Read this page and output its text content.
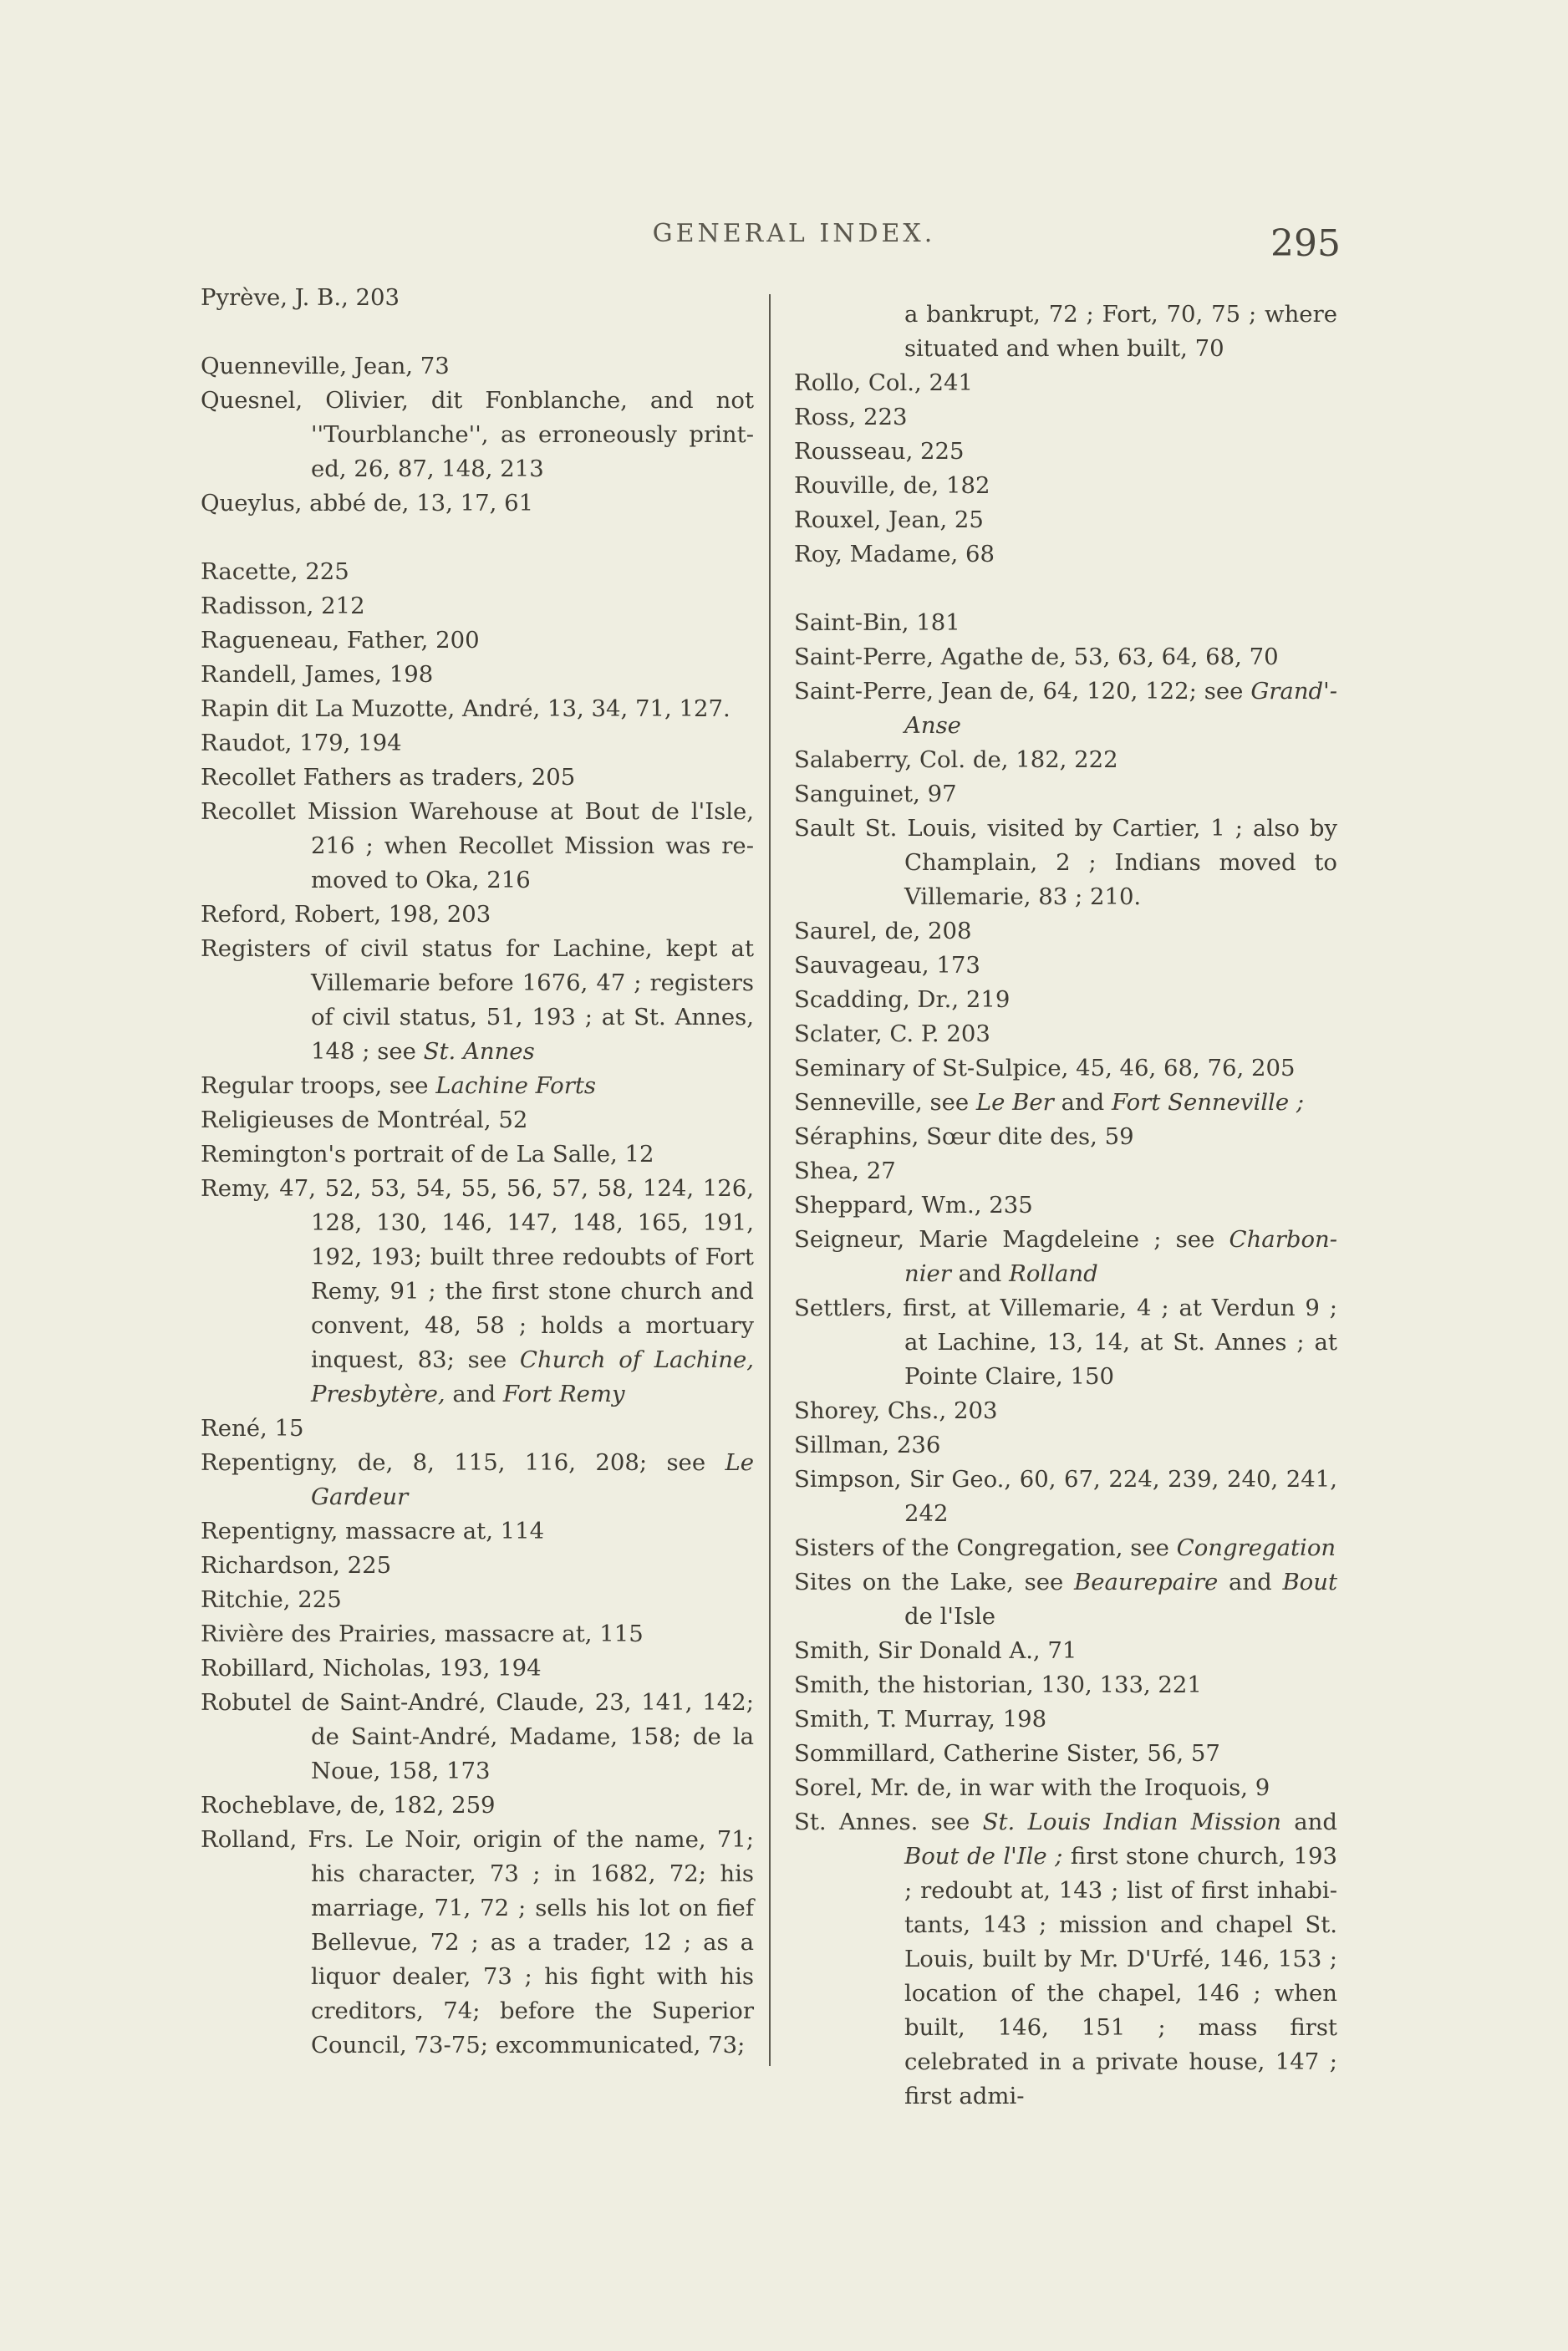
GENERAL INDEX.	295
Pyrève, J. B., 203
Quenneville, Jean, 73
Quesnel, Olivier, dit Fonblanche, and not ''Tourblanche'', as erroneously print- ed, 26, 87, 148, 213
Queylus, abbé de, 13, 17, 61
Racette, 225
Radisson, 212
Ragueneau, Father, 200
Randell, James, 198
Rapin dit La Muzotte, André, 13, 34, 71, 127.
Raudot, 179, 194
Recollet Fathers as traders, 205
Recollet Mission Warehouse at Bout de l'Isle, 216 ; when Recollet Mission was re- moved to Oka, 216
Reford, Robert, 198, 203
Registers of civil status for Lachine, kept at Villemarie before 1676, 47 ; registers of civil status, 51, 193 ; at St. Annes, 148 ; see St. Annes
Regular troops, see Lachine Forts
Religieuses de Montréal, 52
Remington's portrait of de La Salle, 12
Remy, 47, 52, 53, 54, 55, 56, 57, 58, 124, 126, 128, 130, 146, 147, 148, 165, 191, 192, 193; built three redoubts of Fort Remy, 91 ; the first stone church and convent, 48, 58 ; holds a mortuary inquest, 83; see Church of Lachine, Presbytère, and Fort Remy
René, 15
Repentigny, de, 8, 115, 116, 208; see Le Gardeur
Repentigny, massacre at, 114
Richardson, 225
Ritchie, 225
Rivière des Prairies, massacre at, 115
Robillard, Nicholas, 193, 194
Robutel de Saint-André, Claude, 23, 141, 142; de Saint-André, Madame, 158; de la Noue, 158, 173
Rocheblave, de, 182, 259
Rolland, Frs. Le Noir, origin of the name, 71; his character, 73 ; in 1682, 72; his marriage, 71, 72 ; sells his lot on fief Bellevue, 72 ; as a trader, 12 ; as a liquor dealer, 73 ; his fight with his creditors, 74; before the Superior Council, 73-75; excommunicated, 73;
a bankrupt, 72 ; Fort, 70, 75 ; where situated and when built, 70
Rollo, Col., 241
Ross, 223
Rousseau, 225
Rouville, de, 182
Rouxel, Jean, 25
Roy, Madame, 68
Saint-Bin, 181
Saint-Perre, Agathe de, 53, 63, 64, 68, 70
Saint-Perre, Jean de, 64, 120, 122; see Grand'- Anse
Salaberry, Col. de, 182, 222
Sanguinet, 97
Sault St. Louis, visited by Cartier, 1 ; also by Champlain, 2 ; Indians moved to Villemarie, 83 ; 210.
Saurel, de, 208
Sauvageau, 173
Scadding, Dr., 219
Sclater, C. P. 203
Seminary of St-Sulpice, 45, 46, 68, 76, 205
Senneville, see Le Ber and Fort Senneville ;
Séraphins, Sœur dite des, 59
Shea, 27
Sheppard, Wm., 235
Seigneur, Marie Magdeleine ; see Charbon- nier and Rolland
Settlers, first, at Villemarie, 4 ; at Verdun 9 ; at Lachine, 13, 14, at St. Annes ; at Pointe Claire, 150
Shorey, Chs., 203
Sillman, 236
Simpson, Sir Geo., 60, 67, 224, 239, 240, 241, 242
Sisters of the Congregation, see Congregation
Sites on the Lake, see Beaurepaire and Bout de l'Isle
Smith, Sir Donald A., 71
Smith, the historian, 130, 133, 221
Smith, T. Murray, 198
Sommillard, Catherine Sister, 56, 57
Sorel, Mr. de, in war with the Iroquois, 9
St. Annes. see St. Louis Indian Mission and Bout de l'Ile ; first stone church, 193 ; redoubt at, 143 ; list of first inhabi- tants, 143 ; mission and chapel St. Louis, built by Mr. D'Urfé, 146, 153 ; location of the chapel, 146 ; when built, 146, 151 ; mass first celebrated in a private house, 147 ; first admi-
